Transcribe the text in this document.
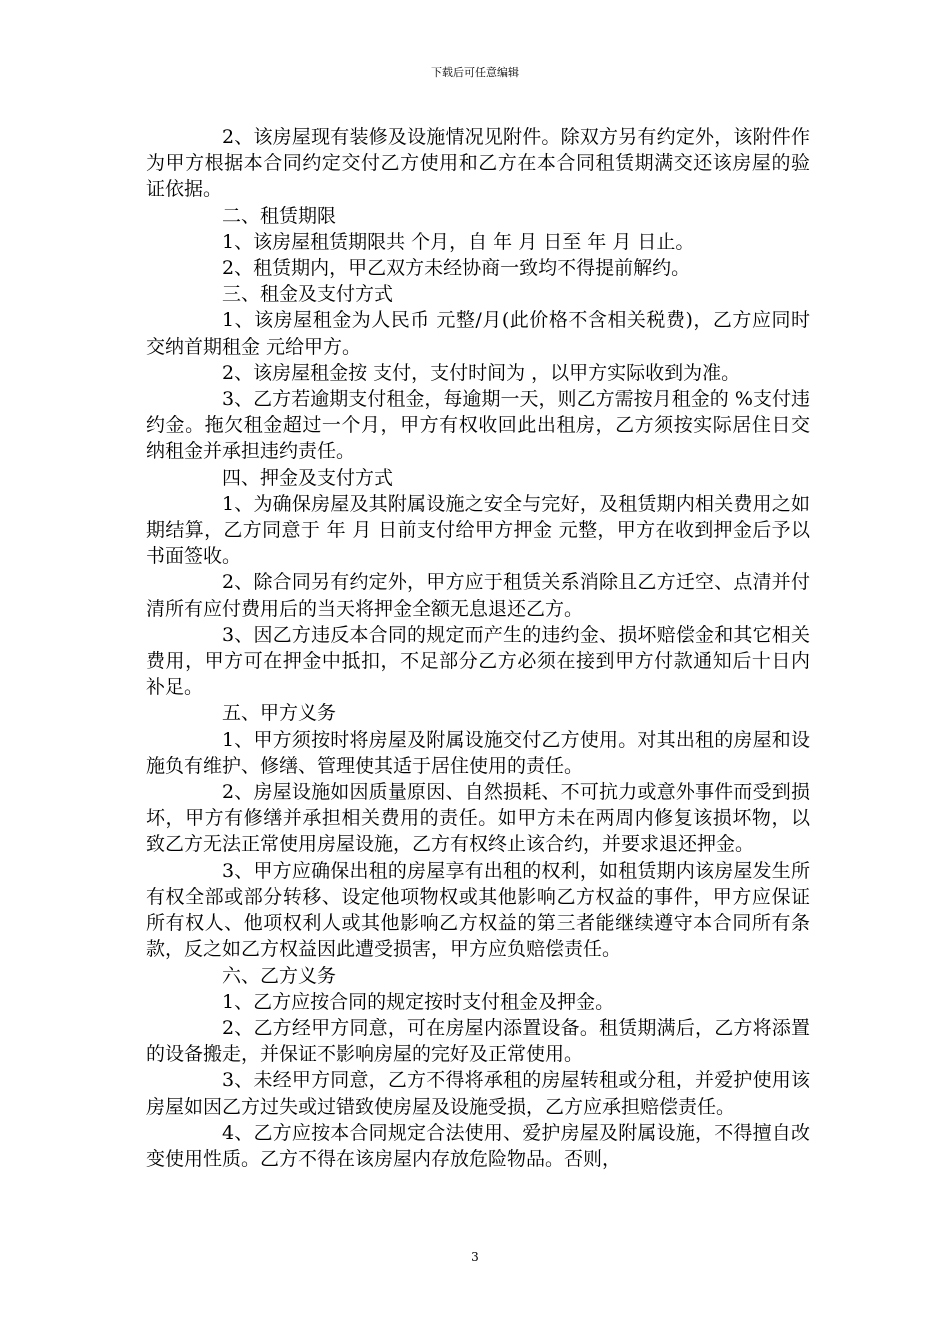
下载后可任意编辑

2、该房屋现有装修及设施情况见附件。除双方另有约定外，该附件作为甲方根据本合同约定交付乙方使用和乙方在本合同租赁期满交还该房屋的验证依据。

二、租赁期限

1、该房屋租赁期限共 个月，自 年 月 日至 年 月 日止。

2、租赁期内，甲乙双方未经协商一致均不得提前解约。

三、租金及支付方式

1、该房屋租金为人民币 元整/月(此价格不含相关税费)，乙方应同时交纳首期租金 元给甲方。

2、该房屋租金按 支付，支付时间为 ，以甲方实际收到为准。

3、乙方若逾期支付租金，每逾期一天，则乙方需按月租金的 %支付违约金。拖欠租金超过一个月，甲方有权收回此出租房，乙方须按实际居住日交纳租金并承担违约责任。

四、押金及支付方式

1、为确保房屋及其附属设施之安全与完好，及租赁期内相关费用之如期结算，乙方同意于 年 月 日前支付给甲方押金 元整，甲方在收到押金后予以书面签收。

2、除合同另有约定外，甲方应于租赁关系消除且乙方迁空、点清并付清所有应付费用后的当天将押金全额无息退还乙方。

3、因乙方违反本合同的规定而产生的违约金、损坏赔偿金和其它相关费用，甲方可在押金中抵扣，不足部分乙方必须在接到甲方付款通知后十日内补足。

五、甲方义务

1、甲方须按时将房屋及附属设施交付乙方使用。对其出租的房屋和设施负有维护、修缮、管理使其适于居住使用的责任。

2、房屋设施如因质量原因、自然损耗、不可抗力或意外事件而受到损坏，甲方有修缮并承担相关费用的责任。如甲方未在两周内修复该损坏物，以致乙方无法正常使用房屋设施，乙方有权终止该合约，并要求退还押金。

3、甲方应确保出租的房屋享有出租的权利，如租赁期内该房屋发生所有权全部或部分转移、设定他项物权或其他影响乙方权益的事件，甲方应保证所有权人、他项权利人或其他影响乙方权益的第三者能继续遵守本合同所有条款，反之如乙方权益因此遭受损害，甲方应负赔偿责任。

六、乙方义务

1、乙方应按合同的规定按时支付租金及押金。

2、乙方经甲方同意，可在房屋内添置设备。租赁期满后，乙方将添置的设备搬走，并保证不影响房屋的完好及正常使用。

3、未经甲方同意，乙方不得将承租的房屋转租或分租，并爱护使用该房屋如因乙方过失或过错致使房屋及设施受损，乙方应承担赔偿责任。

4、乙方应按本合同规定合法使用、爱护房屋及附属设施，不得擅自改变使用性质。乙方不得在该房屋内存放危险物品。否则，

3
